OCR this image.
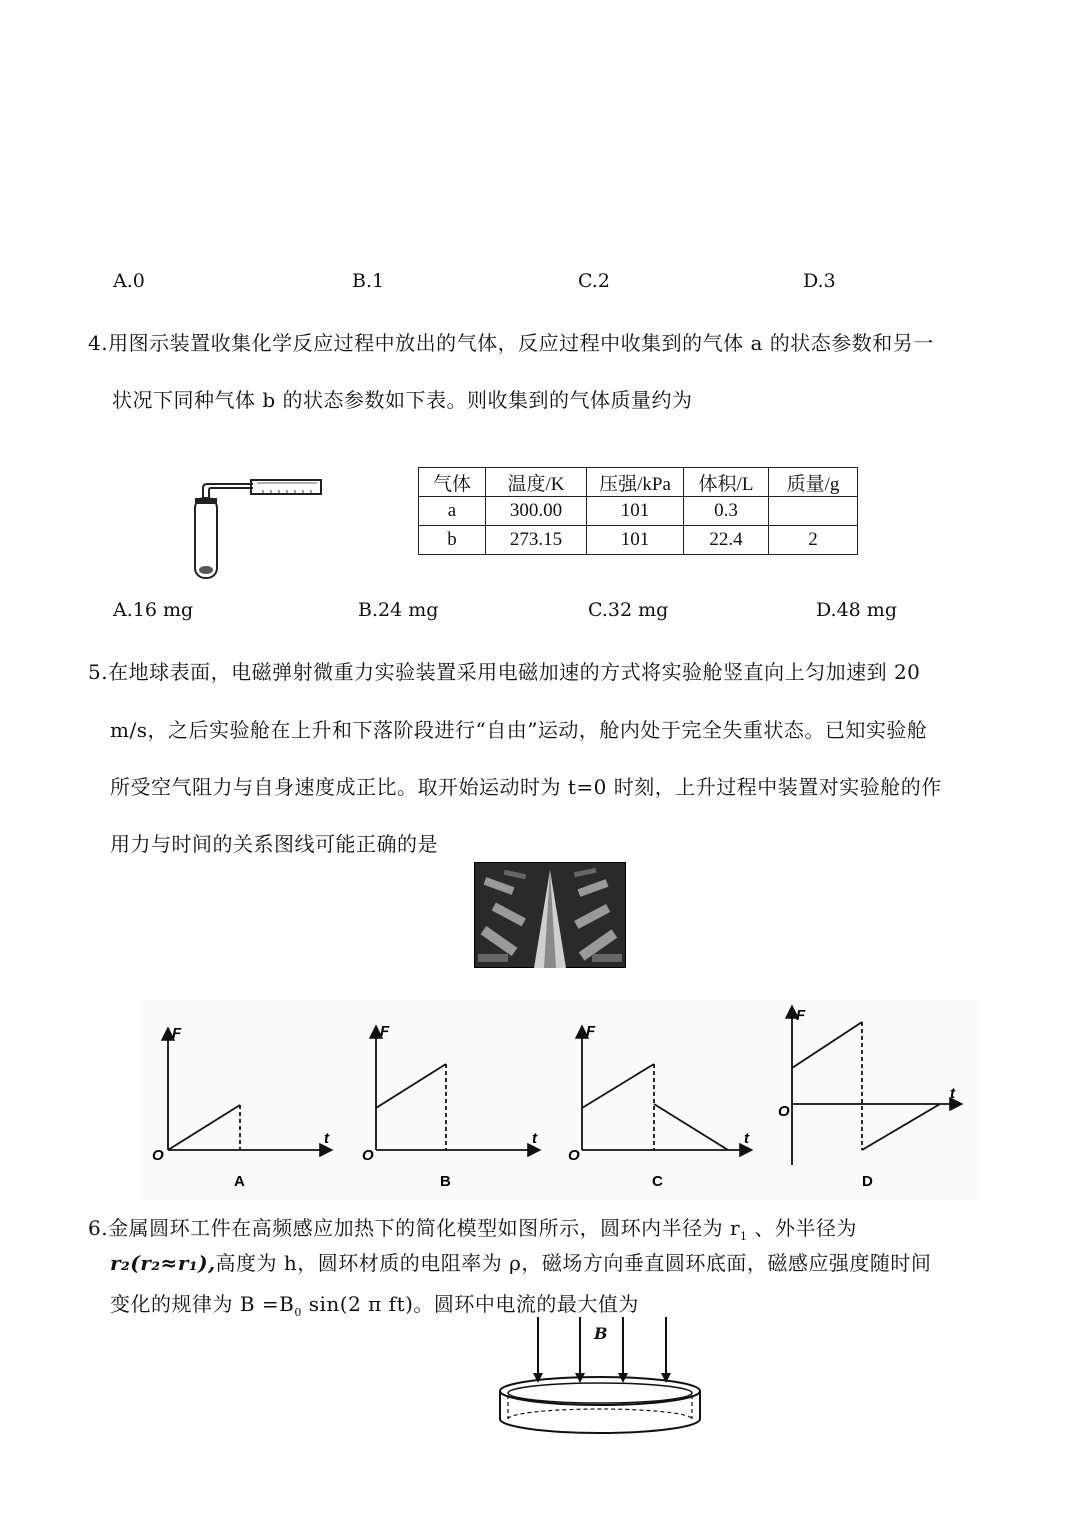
A.0	B.1	C.2	D.3
4.用图示装置收集化学反应过程中放出的气体，反应过程中收集到的气体 a 的状态参数和另一
状况下同种气体 b 的状态参数如下表。则收集到的气体质量约为
气体	温度/K	压强/kPa	体积/L	质量/g
a	300.00	101	0.3	
b	273.15	101	22.4	2
A.16 mg	B.24 mg	C.32 mg	D.48 mg
5.在地球表面，电磁弹射微重力实验装置采用电磁加速的方式将实验舱竖直向上匀加速到 20
m/s，之后实验舱在上升和下落阶段进行“自由”运动，舱内处于完全失重状态。已知实验舱
所受空气阻力与自身速度成正比。取开始运动时为 t=0 时刻，上升过程中装置对实验舱的作
用力与时间的关系图线可能正确的是
F
t
O
A
F
t
O
B
F
t
O
C
F
t
O
D
6.金属圆环工件在高频感应加热下的简化模型如图所示，圆环内半径为 $r_1$ 、外半径为
r₂(r₂≈r₁),高度为 h，圆环材质的电阻率为 ρ，磁场方向垂直圆环底面，磁感应强度随时间
变化的规律为 $B =B_0$ sin(2 π ft)。圆环中电流的最大值为
B
